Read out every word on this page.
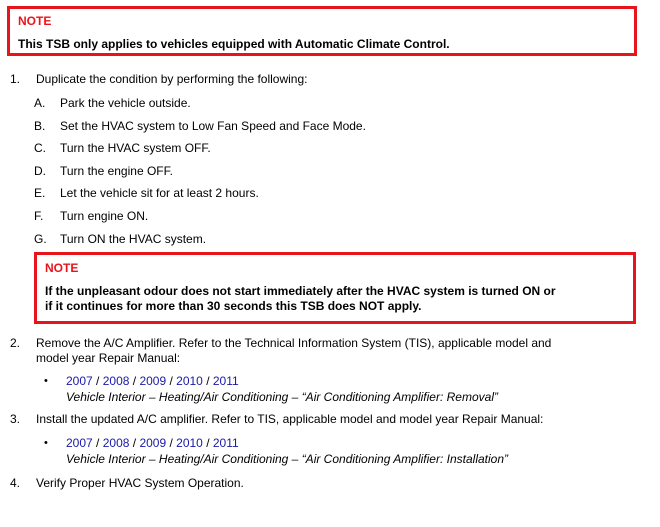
NOTE
This TSB only applies to vehicles equipped with Automatic Climate Control.
1. Duplicate the condition by performing the following:
A. Park the vehicle outside.
B. Set the HVAC system to Low Fan Speed and Face Mode.
C. Turn the HVAC system OFF.
D. Turn the engine OFF.
E. Let the vehicle sit for at least 2 hours.
F. Turn engine ON.
G. Turn ON the HVAC system.
NOTE
If the unpleasant odour does not start immediately after the HVAC system is turned ON or
if it continues for more than 30 seconds this TSB does NOT apply.
2. Remove the A/C Amplifier. Refer to the Technical Information System (TIS), applicable model and
model year Repair Manual:
• 2007 / 2008 / 2009 / 2010 / 2011
Vehicle Interior – Heating/Air Conditioning – “Air Conditioning Amplifier: Removal”
3. Install the updated A/C amplifier. Refer to TIS, applicable model and model year Repair Manual:
• 2007 / 2008 / 2009 / 2010 / 2011
Vehicle Interior – Heating/Air Conditioning – “Air Conditioning Amplifier: Installation”
4. Verify Proper HVAC System Operation.
